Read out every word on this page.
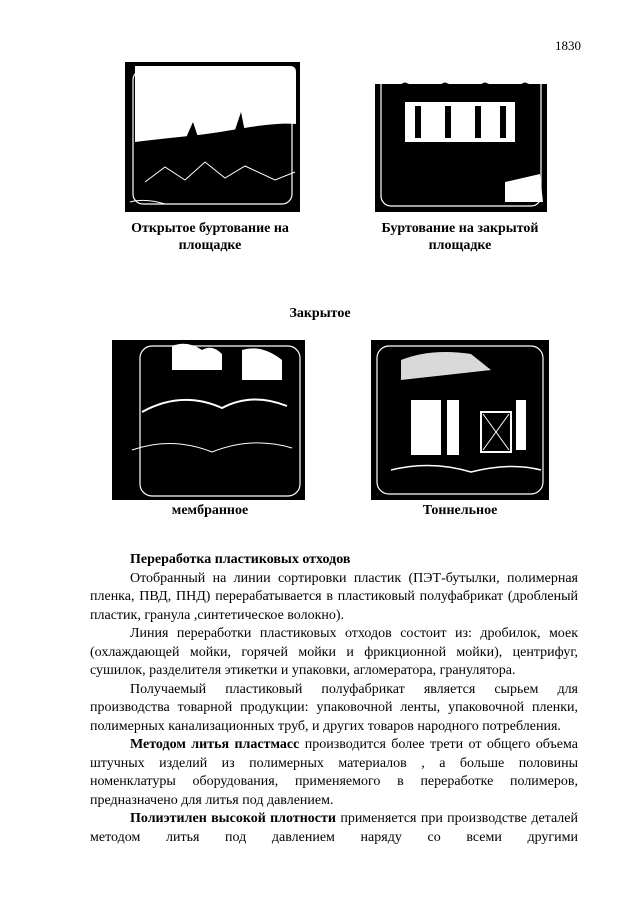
1830
Открытое буртование на площадке
Буртование на закрытой площадке
Закрытое
мембранное	Тоннельное

Переработка пластиковых отходов

Отобранный на линии сортировки пластик (ПЭТ-бутылки, полимерная пленка, ПВД, ПНД) перерабатывается в пластиковый полуфабрикат (дробленый пластик, гранула ,синтетическое волокно).

Линия переработки пластиковых отходов состоит из: дробилок, моек (охлаждающей мойки, горячей мойки и фрикционной мойки), центрифуг, сушилок, разделителя этикетки и упаковки, агломератора, гранулятора.

Получаемый пластиковый полуфабрикат является сырьем для производства товарной продукции: упаковочной ленты, упаковочной пленки, полимерных канализационных труб, и других товаров народного потребления.

Методом литья пластмасс производится более трети от общего объема штучных изделий из полимерных материалов , а больше половины номенклатуры оборудования, применяемого в переработке полимеров, предназначено для литья под давлением.

Полиэтилен высокой плотности применяется при производстве деталей методом литья под давлением наряду со всеми другими
